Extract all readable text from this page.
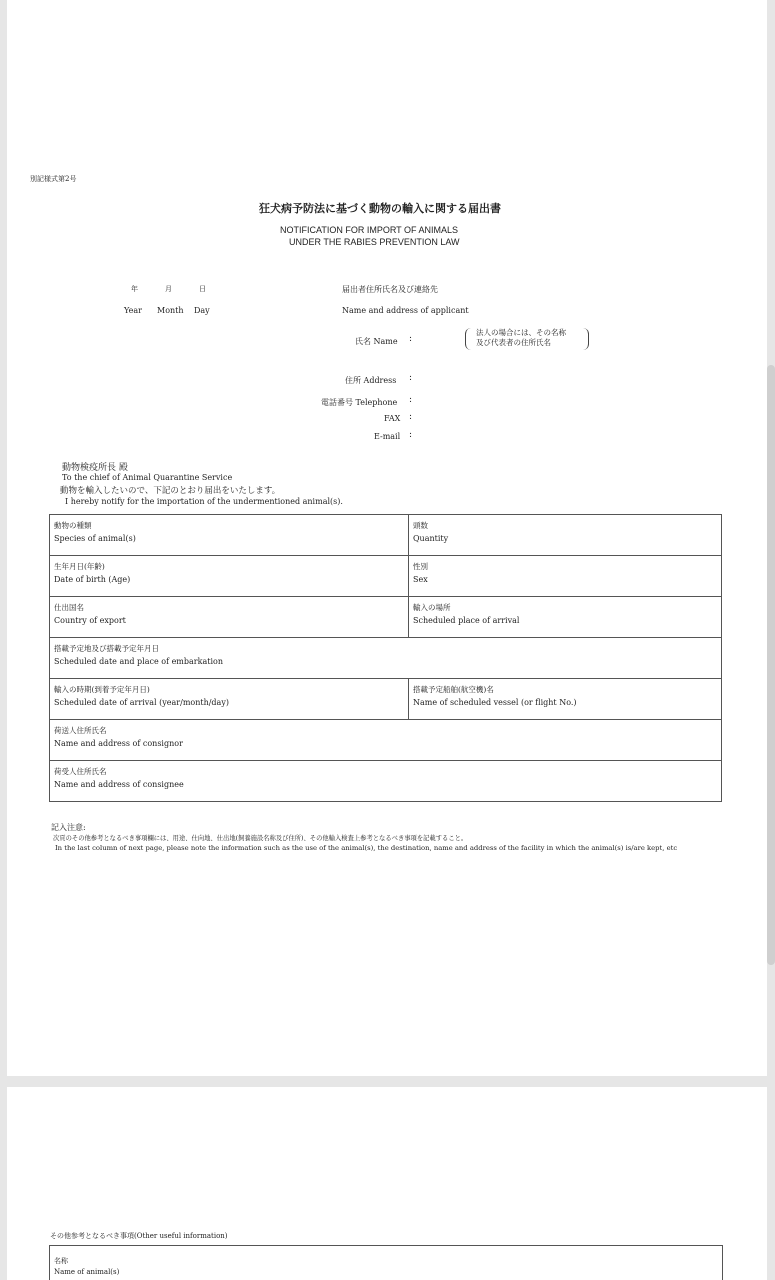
別記様式第2号
狂犬病予防法に基づく動物の輸入に関する届出書
NOTIFICATION FOR IMPORT OF ANIMALS
UNDER THE RABIES PREVENTION LAW
年	月	日
Year Month Day
届出者住所氏名及び連絡先
Name and address of applicant
氏名 Name :
法人の場合には、その名称
及び代表者の住所氏名
住所 Address :
電話番号 Telephone :
FAX :
E-mail :
動物検疫所長 殿
To the chief of Animal Quarantine Service
動物を輸入したいので、下記のとおり届出をいたします。
I hereby notify for the importation of the undermentioned animal(s).
動物の種類
Species of animal(s)	頭数
Quantity

生年月日(年齢)
Date of birth (Age)	性別
Sex

仕出国名
Country of export	輸入の場所
Scheduled place of arrival

搭載予定地及び搭載予定年月日
Scheduled date and place of embarkation	

輸入の時期(到着予定年月日)
Scheduled date of arrival (year/month/day)	搭載予定船舶(航空機)名
Name of scheduled vessel (or flight No.)

荷送人住所氏名
Name and address of consignor	

荷受人住所氏名
Name and address of consignee	
記入注意:
次頁のその他参考となるべき事項欄には、用途、仕向地、仕出地(飼養施設名称及び住所)、その他輸入検査上参考となるべき事項を記載すること。
In the last column of next page, please note the information such as the use of the animal(s), the destination, name and address of the facility in which the animal(s) is/are kept, etc
その他参考となるべき事項(Other useful information)
名称
Name of animal(s)
